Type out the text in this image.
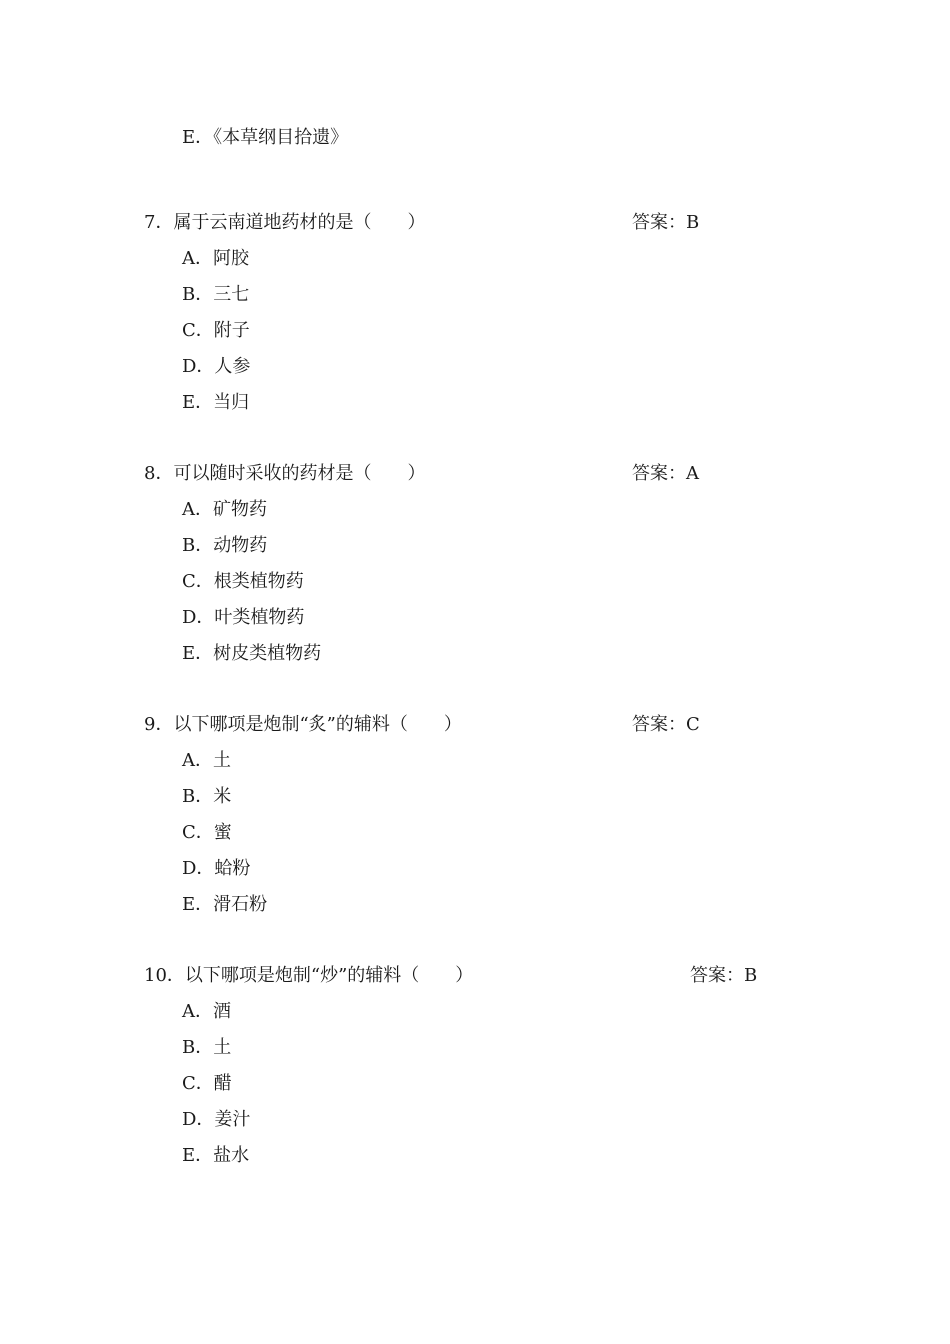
E．《本草纲目拾遗》
7．属于云南道地药材的是（　　）	答案：B
A．阿胶
B．三七
C．附子
D．人参
E．当归
8．可以随时采收的药材是（　　）	答案：A
A．矿物药
B．动物药
C．根类植物药
D．叶类植物药
E．树皮类植物药
9．以下哪项是炮制“炙”的辅料（　　）	答案：C
A．土
B．米
C．蜜
D．蛤粉
E．滑石粉
10．以下哪项是炮制“炒”的辅料（　　）	答案：B
A．酒
B．土
C．醋
D．姜汁
E．盐水
